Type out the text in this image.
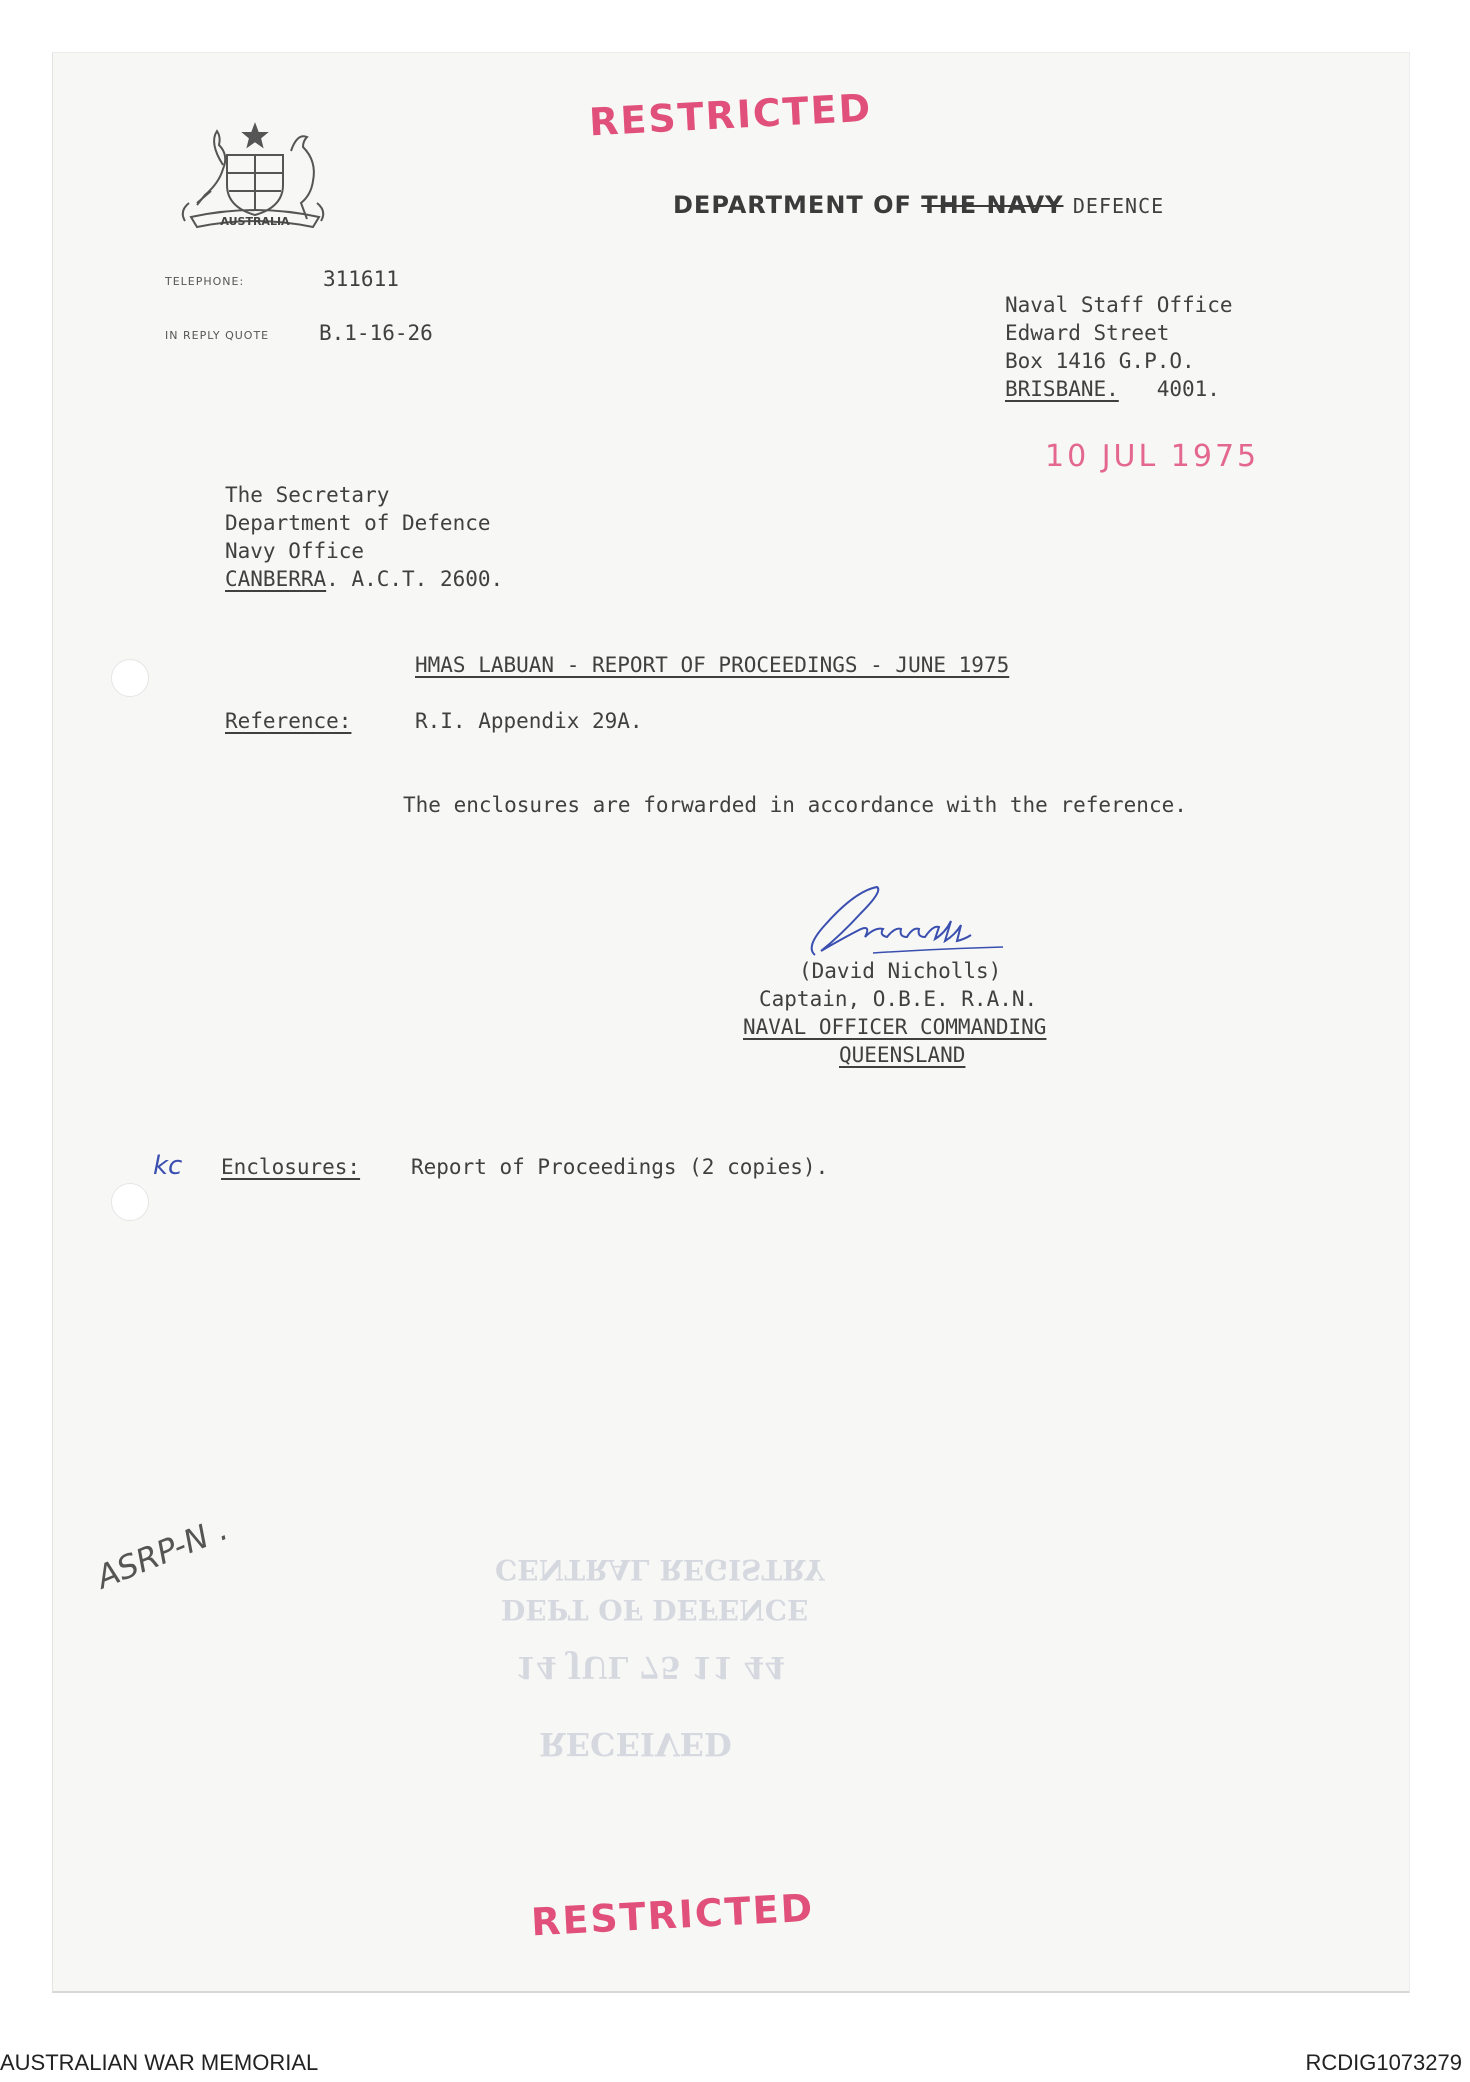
RESTRICTED
AUSTRALIA
DEPARTMENT OF THE NAVY DEFENCE
TELEPHONE:	311611
IN REPLY QUOTE B.1-16-26
Naval Staff Office
Edward Street
Box 1416 G.P.O.
BRISBANE. 4001.
10 JUL 1975
The Secretary
Department of Defence
Navy Office
CANBERRA. A.C.T. 2600.
HMAS LABUAN - REPORT OF PROCEEDINGS - JUNE 1975
Reference:	R.I. Appendix 29A.
The enclosures are forwarded in accordance with the reference.
(David Nicholls)
Captain, O.B.E. R.A.N.
NAVAL OFFICER COMMANDING
QUEENSLAND
kc Enclosures: Report of Proceedings (2 copies).
ASRP-N .	CENTRAL REGISTRY
DEPT OF DEFENCE
14 JUL 75 11 44
RECEIVED
RESTRICTED
AUSTRALIAN WAR MEMORIAL	RCDIG1073279
